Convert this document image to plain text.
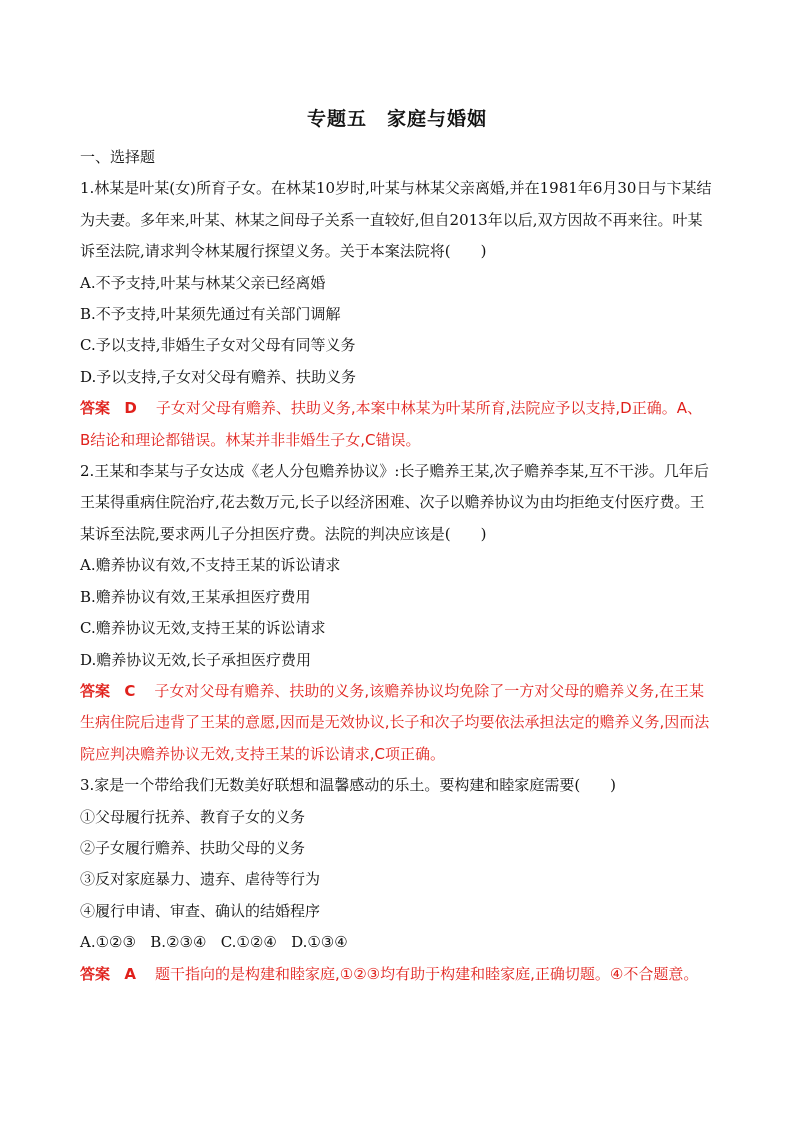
专题五　家庭与婚姻

一、选择题

1.林某是叶某(女)所育子女。在林某10岁时,叶某与林某父亲离婚,并在1981年6月30日与卞某结为夫妻。多年来,叶某、林某之间母子关系一直较好,但自2013年以后,双方因故不再来往。叶某诉至法院,请求判令林某履行探望义务。关于本案法院将(　　)

A.不予支持,叶某与林某父亲已经离婚

B.不予支持,叶某须先通过有关部门调解

C.予以支持,非婚生子女对父母有同等义务

D.予以支持,子女对父母有赡养、扶助义务

答案 D 子女对父母有赡养、扶助义务,本案中林某为叶某所育,法院应予以支持,D正确。A、B结论和理论都错误。林某并非非婚生子女,C错误。

2.王某和李某与子女达成《老人分包赡养协议》:长子赡养王某,次子赡养李某,互不干涉。几年后王某得重病住院治疗,花去数万元,长子以经济困难、次子以赡养协议为由均拒绝支付医疗费。王某诉至法院,要求两儿子分担医疗费。法院的判决应该是(　　)

A.赡养协议有效,不支持王某的诉讼请求

B.赡养协议有效,王某承担医疗费用

C.赡养协议无效,支持王某的诉讼请求

D.赡养协议无效,长子承担医疗费用

答案 C 子女对父母有赡养、扶助的义务,该赡养协议均免除了一方对父母的赡养义务,在王某生病住院后违背了王某的意愿,因而是无效协议,长子和次子均要依法承担法定的赡养义务,因而法院应判决赡养协议无效,支持王某的诉讼请求,C项正确。

3.家是一个带给我们无数美好联想和温馨感动的乐土。要构建和睦家庭需要(　　)

①父母履行抚养、教育子女的义务

②子女履行赡养、扶助父母的义务

③反对家庭暴力、遗弃、虐待等行为

④履行申请、审查、确认的结婚程序

A.①②③ B.②③④ C.①②④ D.①③④

答案 A 题干指向的是构建和睦家庭,①②③均有助于构建和睦家庭,正确切题。④不合题意。
